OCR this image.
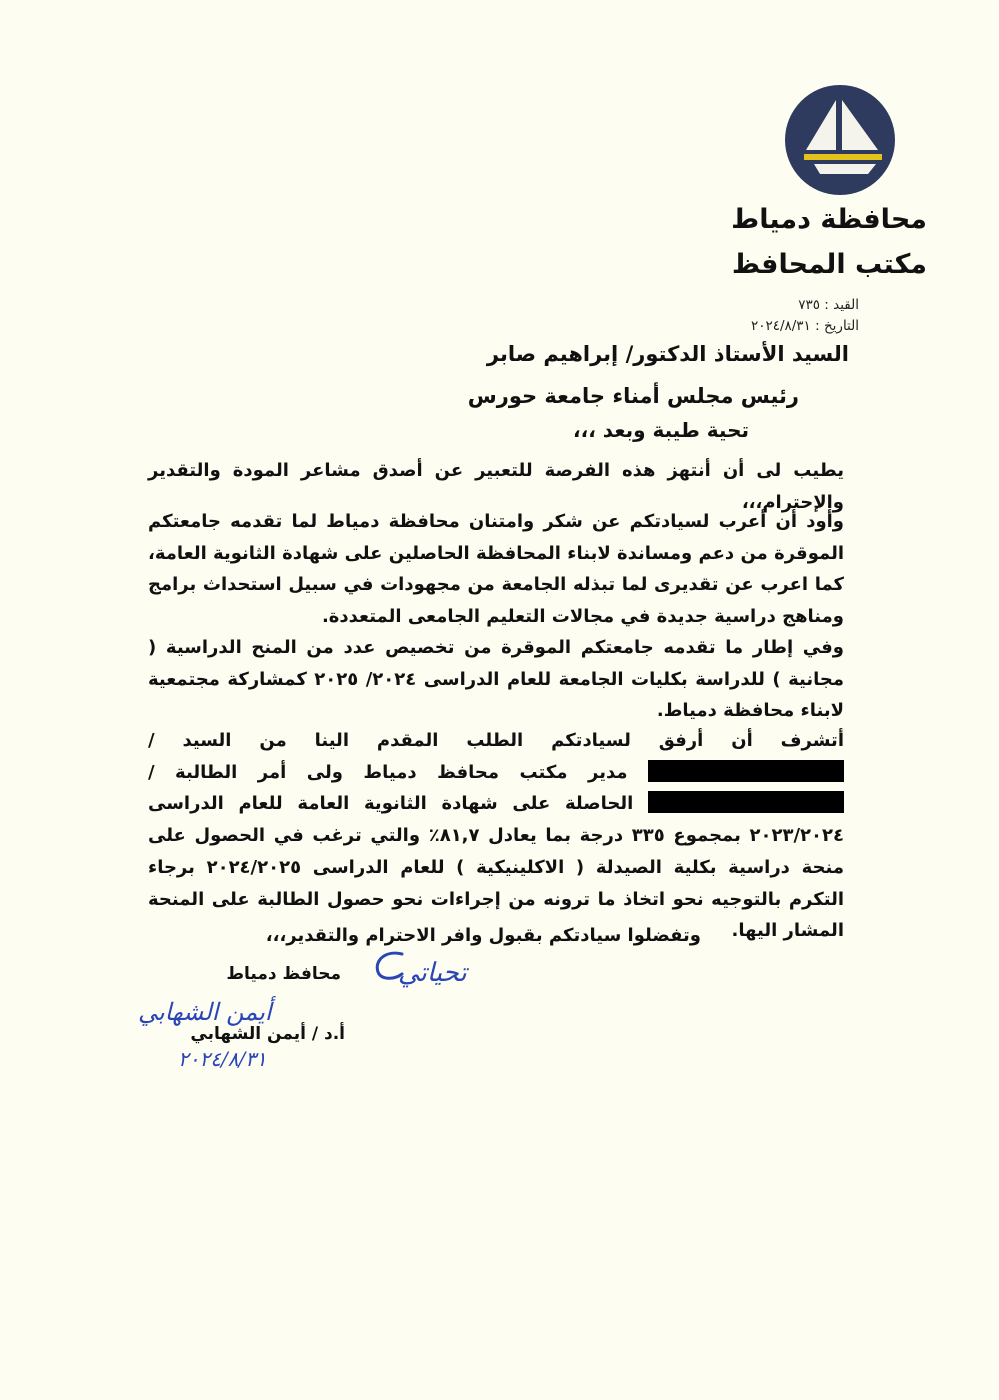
محافظة دمياط
مكتب المحافظ
القيد : ٧٣٥
التاريخ : ٢٠٢٤/٨/٣١
السيد الأستاذ الدكتور/ إبراهيم صابر
رئيس مجلس أمناء جامعة حورس
تحية طيبة وبعد ،،،
يطيب لى أن أنتهز هذه الفرصة للتعبير عن أصدق مشاعر المودة والتقدير والإحترام،،،
وأود أن أعرب لسيادتكم عن شكر وامتنان محافظة دمياط لما تقدمه جامعتكم الموقرة من دعم ومساندة لابناء المحافظة الحاصلين على شهادة الثانوية العامة، كما اعرب عن تقديرى لما تبذله الجامعة من مجهودات في سبيل استحداث برامج ومناهج دراسية جديدة في مجالات التعليم الجامعى المتعددة.
وفي إطار ما تقدمه جامعتكم الموقرة من تخصيص عدد من المنح الدراسية ( مجانية ) للدراسة بكليات الجامعة للعام الدراسى ٢٠٢٤/ ٢٠٢٥ كمشاركة مجتمعية لابناء محافظة دمياط.
أتشرف أن أرفق لسيادتكم الطلب المقدم الينا من السيد /  مدير مكتب محافظ دمياط ولى أمر الطالبة /  الحاصلة على شهادة الثانوية العامة للعام الدراسى ٢٠٢٣/٢٠٢٤ بمجموع ٣٣٥ درجة بما يعادل ٨١,٧٪ والتي ترغب في الحصول على منحة دراسية بكلية الصيدلة ( الاكلينيكية ) للعام الدراسى ٢٠٢٤/٢٠٢٥ برجاء التكرم بالتوجيه نحو اتخاذ ما ترونه من إجراءات نحو حصول الطالبة على المنحة المشار اليها.
وتفضلوا سيادتكم بقبول وافر الاحترام والتقدير،،،
محافظ دمياط
أ.د / أيمن الشهابي
تحياتي
أيمن الشهابي
٢٠٢٤/٨/٣١
